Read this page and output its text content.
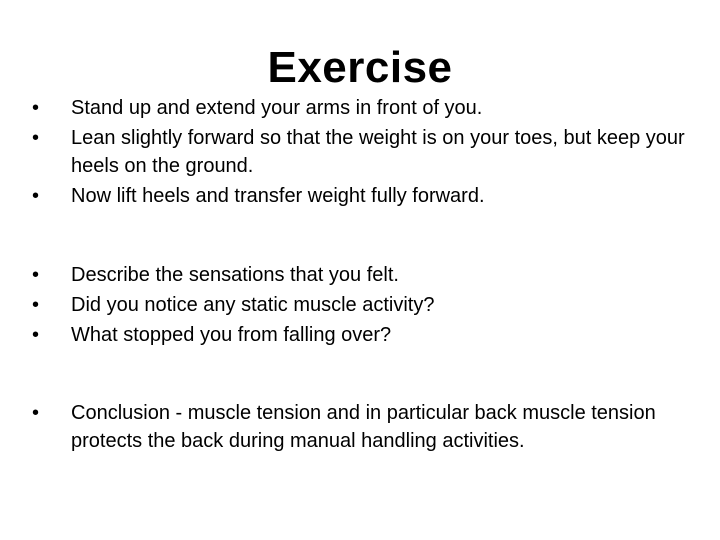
Exercise
•	Stand up and extend your arms in front of you.
•	Lean slightly forward so that the weight is on your toes, but keep your heels on the ground.
•	Now lift heels and transfer weight fully forward.
•	Describe the sensations that you felt.
•	Did you notice any static muscle activity?
•	What stopped you from falling over?
•	Conclusion - muscle tension and in particular back muscle tension protects the back during manual handling activities.
